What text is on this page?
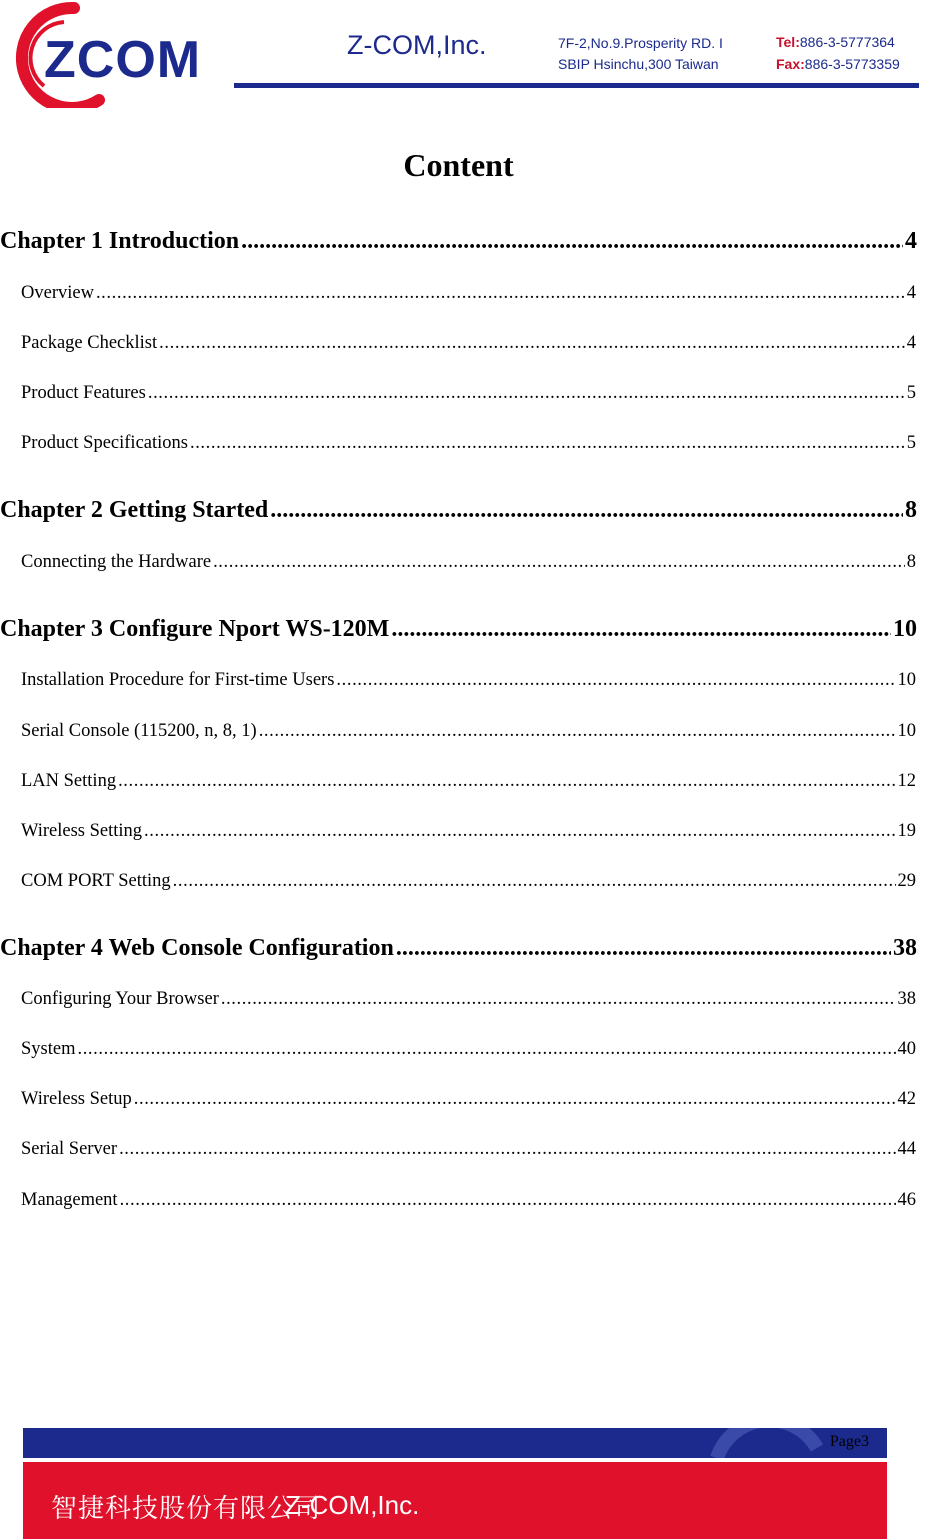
ZCOM	Z-COM,Inc.	7F-2,No.9.Prosperity RD. I
SBIP Hsinchu,300 Taiwan
Tel:886-3-5777364
Fax:886-3-5773359
Content
Chapter 1 Introduction .....	4
Overview .....	4
Package Checklist .....	4
Product Features .....	5
Product Specifications .....	5
Chapter 2 Getting Started .....	8
Connecting the Hardware .....	8
Chapter 3 Configure Nport WS-120M .....	10
Installation Procedure for First-time Users .....	10
Serial Console (115200, n, 8, 1) .....	10
LAN Setting .....	12
Wireless Setting .....	19
COM PORT Setting .....	29
Chapter 4 Web Console Configuration .....	38
Configuring Your Browser .....	38
System .....	40
Wireless Setup .....	42
Serial Server .....	44
Management .....	46
Page3
智捷科技股份有限公司
Z-COM,Inc.
